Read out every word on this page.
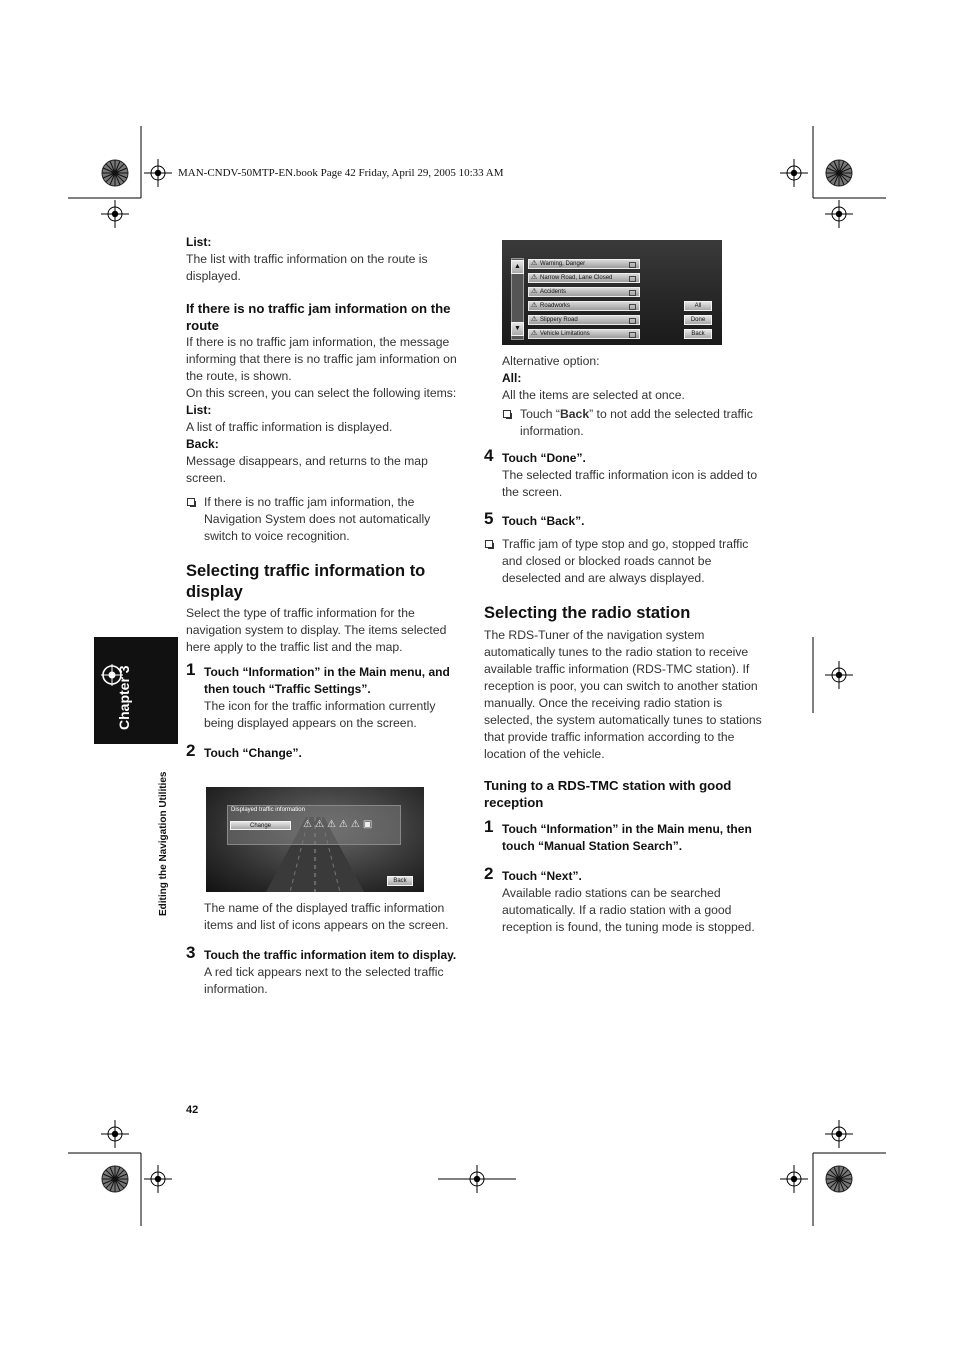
MAN-CNDV-50MTP-EN.book Page 42 Friday, April 29, 2005 10:33 AM
Chapter 3
Editing the Navigation Utilities
List:
The list with traffic information on the route is displayed.
If there is no traffic jam information on the route
If there is no traffic jam information, the message informing that there is no traffic jam information on the route, is shown.
On this screen, you can select the following items:
List:
A list of traffic information is displayed.
Back:
Message disappears, and returns to the map screen.
If there is no traffic jam information, the Navigation System does not automatically switch to voice recognition.
Selecting traffic information to display
Select the type of traffic information for the navigation system to display. The items selected here apply to the traffic list and the map.
1 Touch “Information” in the Main menu, and then touch “Traffic Settings”.
The icon for the traffic information currently being displayed appears on the screen.
2 Touch “Change”.
Displayed traffic information
Change	⚠⚠⚠⚠⚠▣
Back
The name of the displayed traffic information items and list of icons appears on the screen.
3 Touch the traffic information item to display.
A red tick appears next to the selected traffic information.
▲
▼
⚠ Warning, Danger
⚠ Narrow Road, Lane Closed
⚠ Accidents
⚠ Roadworks
⚠ Slippery Road
⚠ Vehicle Limitations
All
Done
Back
Alternative option:
All:
All the items are selected at once.
Touch “Back” to not add the selected traffic information.
4 Touch “Done”.
The selected traffic information icon is added to the screen.
5 Touch “Back”.
Traffic jam of type stop and go, stopped traffic and closed or blocked roads cannot be deselected and are always displayed.
Selecting the radio station
The RDS-Tuner of the navigation system automatically tunes to the radio station to receive available traffic information (RDS-TMC station). If reception is poor, you can switch to another station manually. Once the receiving radio station is selected, the system automatically tunes to stations that provide traffic information according to the location of the vehicle.
Tuning to a RDS-TMC station with good reception
1 Touch “Information” in the Main menu, then touch “Manual Station Search”.
2 Touch “Next”.
Available radio stations can be searched automatically. If a radio station with a good reception is found, the tuning mode is stopped.
42
